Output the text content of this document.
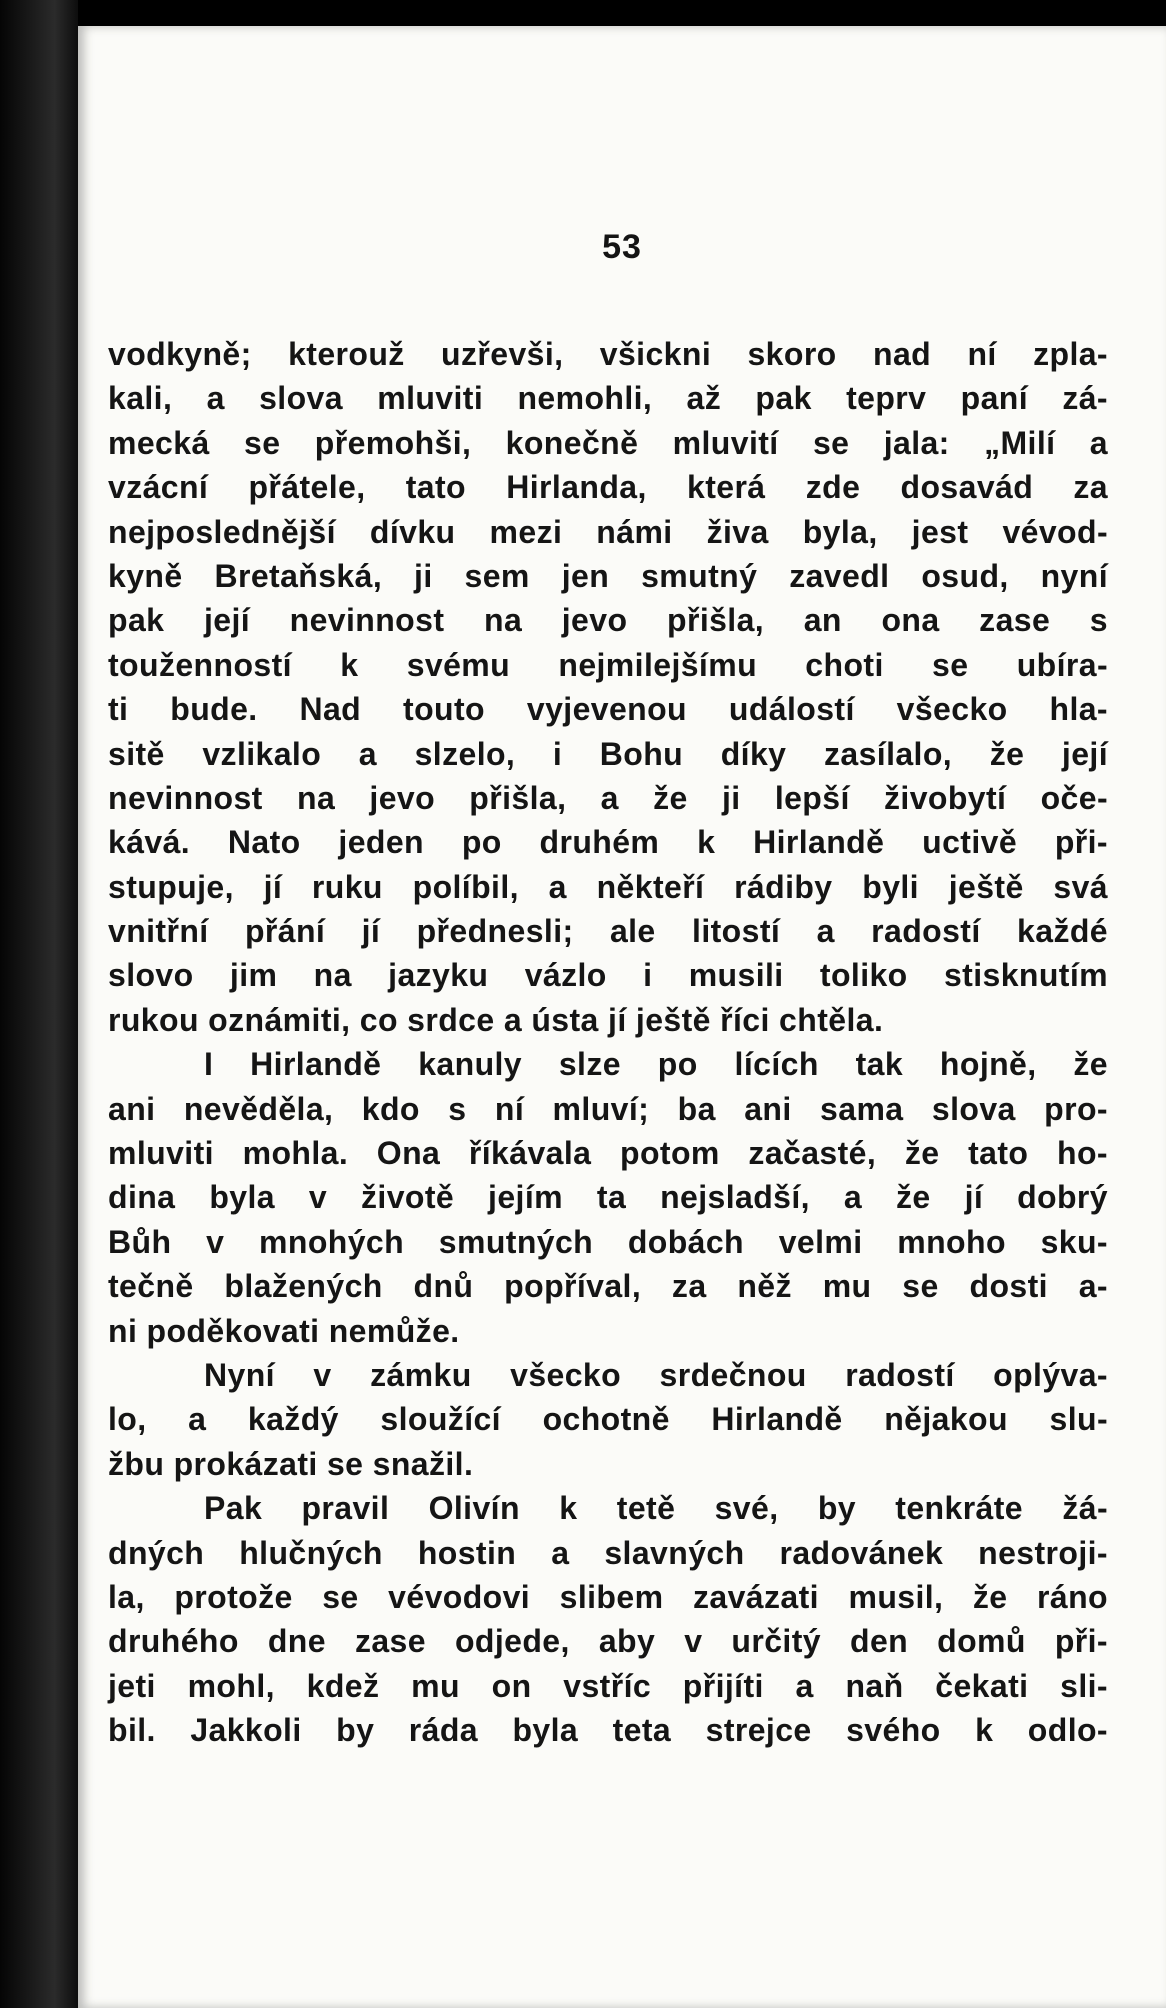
53
vodkyně; kterouž uzřevši, všickni skoro nad ní zpla-
kali, a slova mluviti nemohli, až pak teprv paní zá-
mecká se přemohši, konečně mluvití se jala: „Milí a
vzácní přátele, tato Hirlanda, která zde dosavád za
nejposlednější dívku mezi námi živa byla, jest vévod-
kyně Bretaňská, ji sem jen smutný zavedl osud, nyní
pak její nevinnost na jevo přišla, an ona zase s
touženností k svému nejmilejšímu choti se ubíra-
ti bude. Nad touto vyjevenou událostí všecko hla-
sitě vzlikalo a slzelo, i Bohu díky zasílalo, že její
nevinnost na jevo přišla, a že ji lepší živobytí oče-
kává. Nato jeden po druhém k Hirlandě uctivě při-
stupuje, jí ruku políbil, a někteří rádiby byli ještě svá
vnitřní přání jí přednesli; ale litostí a radostí každé
slovo jim na jazyku vázlo i musili toliko stisknutím
rukou oznámiti, co srdce a ústa jí ještě říci chtěla.
I Hirlandě kanuly slze po lících tak hojně, že
ani nevěděla, kdo s ní mluví; ba ani sama slova pro-
mluviti mohla. Ona říkávala potom začasté, že tato ho-
dina byla v životě jejím ta nejsladší, a že jí dobrý
Bůh v mnohých smutných dobách velmi mnoho sku-
tečně blažených dnů popříval, za něž mu se dosti a-
ni poděkovati nemůže.
Nyní v zámku všecko srdečnou radostí oplýva-
lo, a každý sloužící ochotně Hirlandě nějakou slu-
žbu prokázati se snažil.
Pak pravil Olivín k tetě své, by tenkráte žá-
dných hlučných hostin a slavných radovánek nestroji-
la, protože se vévodovi slibem zavázati musil, že ráno
druhého dne zase odjede, aby v určitý den domů při-
jeti mohl, kdež mu on vstříc přijíti a naň čekati sli-
bil. Jakkoli by ráda byla teta strejce svého k odlo-
